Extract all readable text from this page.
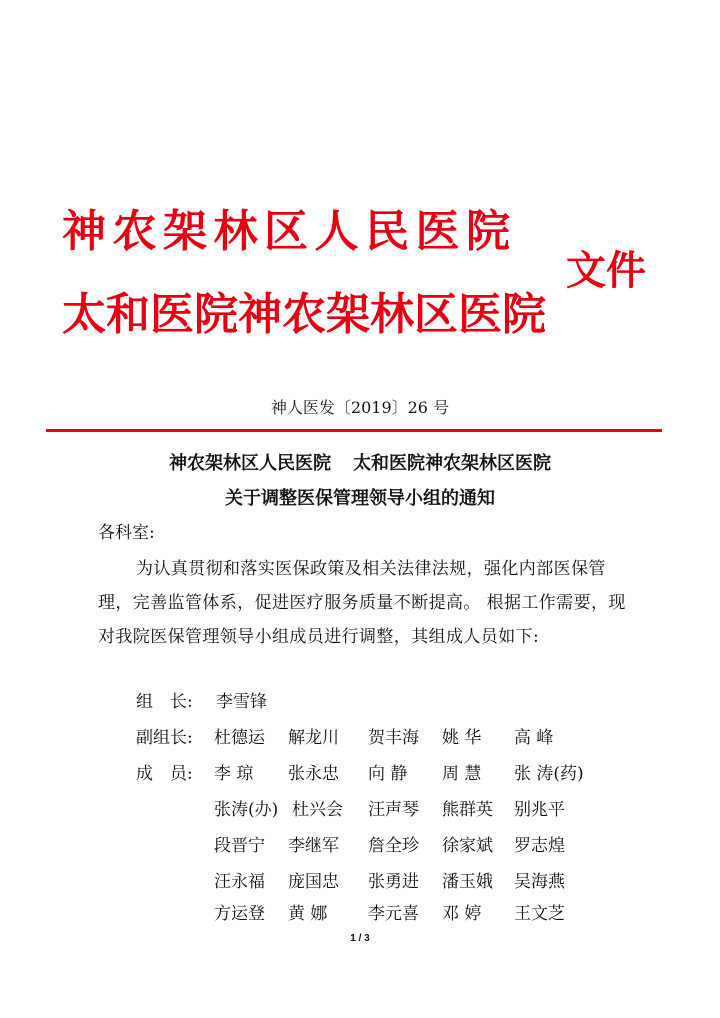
神农架林区人民医院
太和医院神农架林区医院
文件
神人医发〔2019〕26 号
神农架林区人民医院 太和医院神农架林区医院
关于调整医保管理领导小组的通知
各科室:
为认真贯彻和落实医保政策及相关法律法规，强化内部医保管理，完善监管体系，促进医疗服务质量不断提高。 根据工作需要，现对我院医保管理领导小组成员进行调整，其组成人员如下:
组　长: 李雪锋
副组长: 杜德运 解龙川 贺丰海 姚 华 高 峰
成　员: 李 琼 张永忠 向 静 周 慧 张 涛(药)
张涛(办) 杜兴会 汪声琴 熊群英 别兆平
段晋宁 李继军 詹全珍 徐家斌 罗志煌
汪永福 庞国忠 张勇进 潘玉娥 吴海燕
方运登 黄 娜 李元喜 邓 婷 王文芝
1 / 3
